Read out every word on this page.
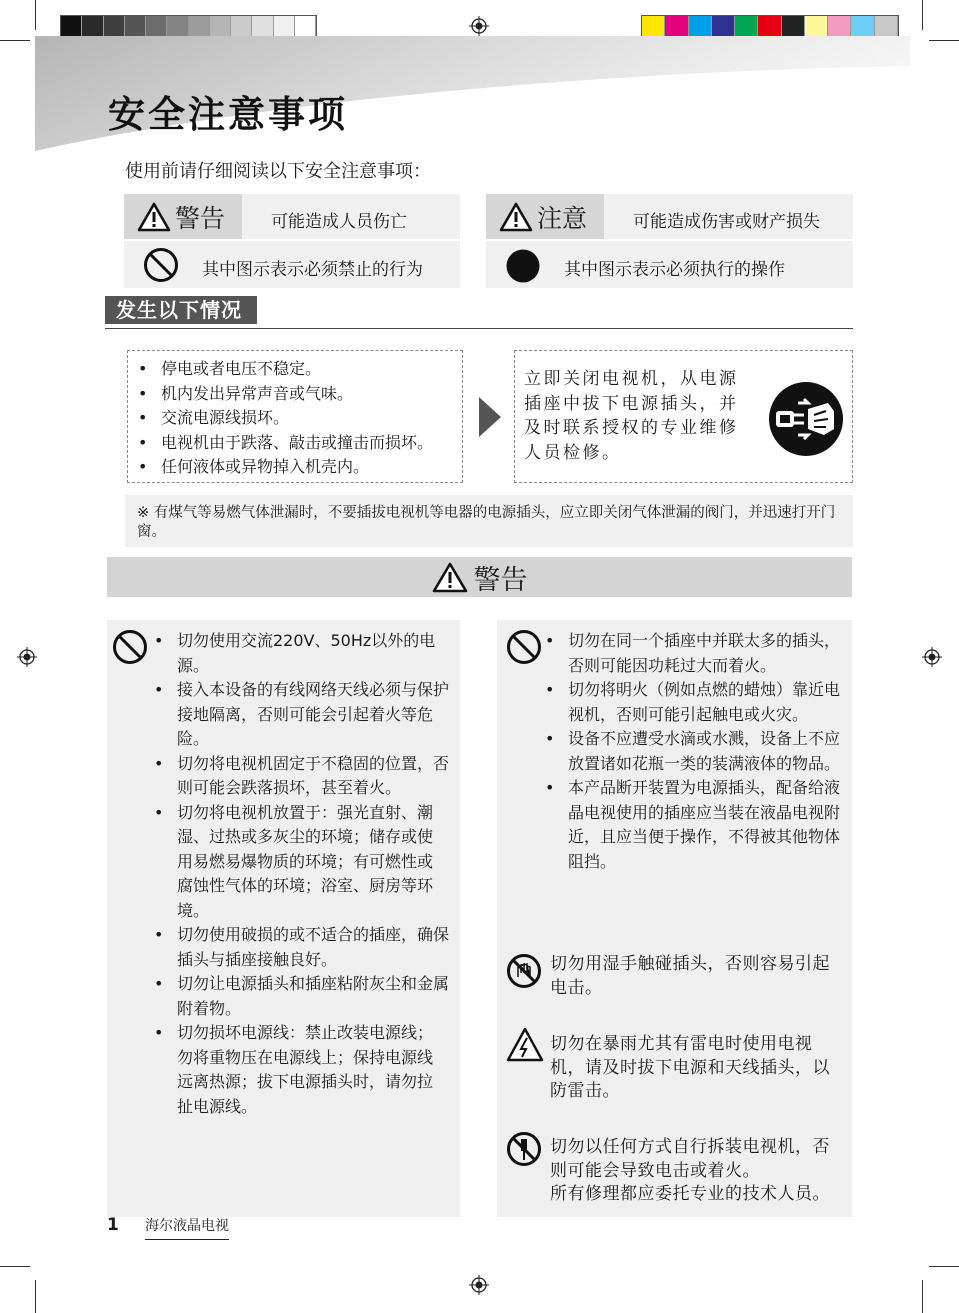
安全注意事项
使用前请仔细阅读以下安全注意事项：
警告	可能造成人员伤亡
其中图示表示必须禁止的行为
注意	可能造成伤害或财产损失
其中图示表示必须执行的操作
发生以下情况
• 停电或者电压不稳定。
• 机内发出异常声音或气味。
• 交流电源线损坏。
• 电视机由于跌落、敲击或撞击而损坏。
• 任何液体或异物掉入机壳内。
立即关闭电视机，从电源插座中拔下电源插头，并及时联系授权的专业维修人员检修。
※ 有煤气等易燃气体泄漏时，不要插拔电视机等电器的电源插头，应立即关闭气体泄漏的阀门，并迅速打开门窗。
警告
• 切勿使用交流220V、50Hz以外的电源。
• 接入本设备的有线网络天线必须与保护接地隔离，否则可能会引起着火等危险。
• 切勿将电视机固定于不稳固的位置，否则可能会跌落损坏，甚至着火。
• 切勿将电视机放置于：强光直射、潮湿、过热或多灰尘的环境；储存或使用易燃易爆物质的环境；有可燃性或腐蚀性气体的环境；浴室、厨房等环境。
• 切勿使用破损的或不适合的插座，确保插头与插座接触良好。
• 切勿让电源插头和插座粘附灰尘和金属附着物。
• 切勿损坏电源线：禁止改装电源线；勿将重物压在电源线上；保持电源线远离热源；拔下电源插头时，请勿拉扯电源线。
• 切勿在同一个插座中并联太多的插头，否则可能因功耗过大而着火。
• 切勿将明火（例如点燃的蜡烛）靠近电视机，否则可能引起触电或火灾。
• 设备不应遭受水滴或水溅，设备上不应放置诸如花瓶一类的装满液体的物品。
• 本产品断开装置为电源插头，配备给液晶电视使用的插座应当装在液晶电视附近，且应当便于操作，不得被其他物体阻挡。
切勿用湿手触碰插头，否则容易引起电击。
切勿在暴雨尤其有雷电时使用电视机，请及时拔下电源和天线插头，以防雷击。
切勿以任何方式自行拆装电视机，否则可能会导致电击或着火。
所有修理都应委托专业的技术人员。
1 海尔液晶电视
